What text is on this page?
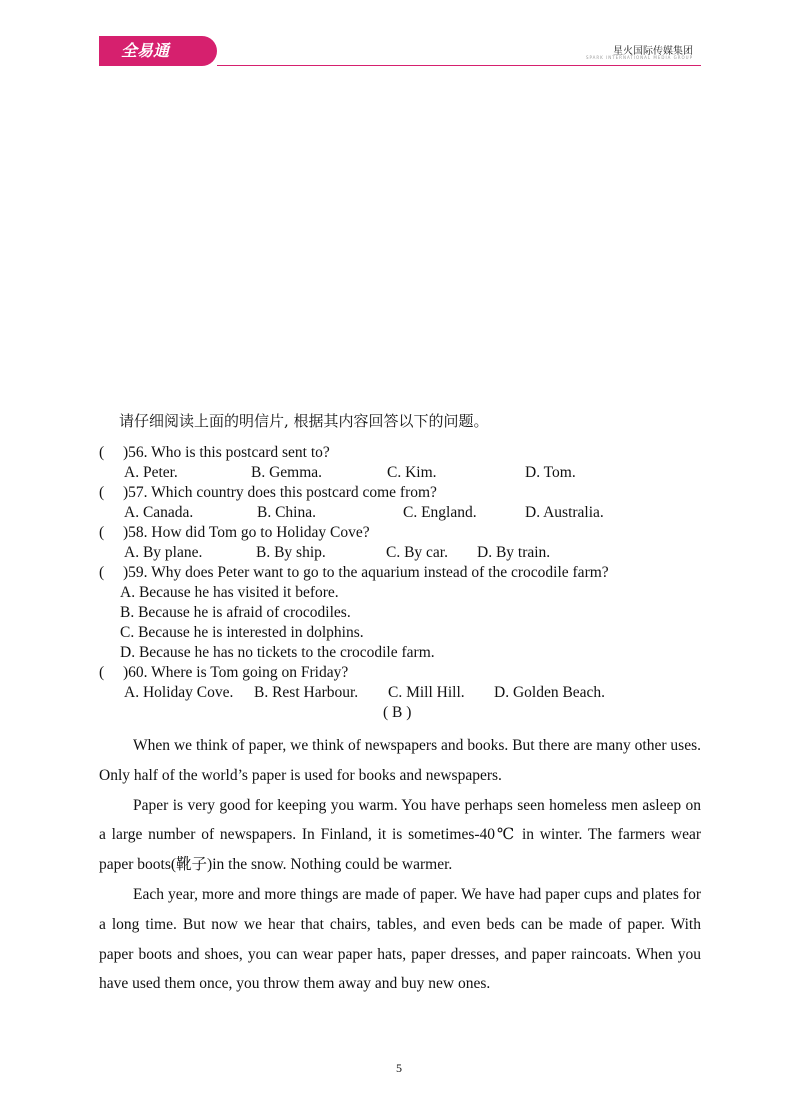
全易通	星火国际传媒集团
SPARK INTERNATIONAL MEDIA GROUP
请仔细阅读上面的明信片, 根据其内容回答以下的问题。
( )56. Who is this postcard sent to?
A. Peter.	B. Gemma.	C. Kim.	D. Tom.
( )57. Which country does this postcard come from?
A. Canada.	B. China.	C. England.	D. Australia.
( )58. How did Tom go to Holiday Cove?
A. By plane.	B. By ship.	C. By car. D. By train.
( )59. Why does Peter want to go to the aquarium instead of the crocodile farm?
A. Because he has visited it before.
B. Because he is afraid of crocodiles.
C. Because he is interested in dolphins.
D. Because he has no tickets to the crocodile farm.
( )60. Where is Tom going on Friday?
A. Holiday Cove. B. Rest Harbour. C. Mill Hill. D. Golden Beach.
( B )

When we think of paper, we think of newspapers and books. But there are many other uses. Only half of the world’s paper is used for books and newspapers.

Paper is very good for keeping you warm. You have perhaps seen homeless men asleep on a large number of newspapers. In Finland, it is sometimes-40℃ in winter. The farmers wear paper boots(靴子)in the snow. Nothing could be warmer.

Each year, more and more things are made of paper. We have had paper cups and plates for a long time. But now we hear that chairs, tables, and even beds can be made of paper. With paper boots and shoes, you can wear paper hats, paper dresses, and paper raincoats. When you have used them once, you throw them away and buy new ones.

5
